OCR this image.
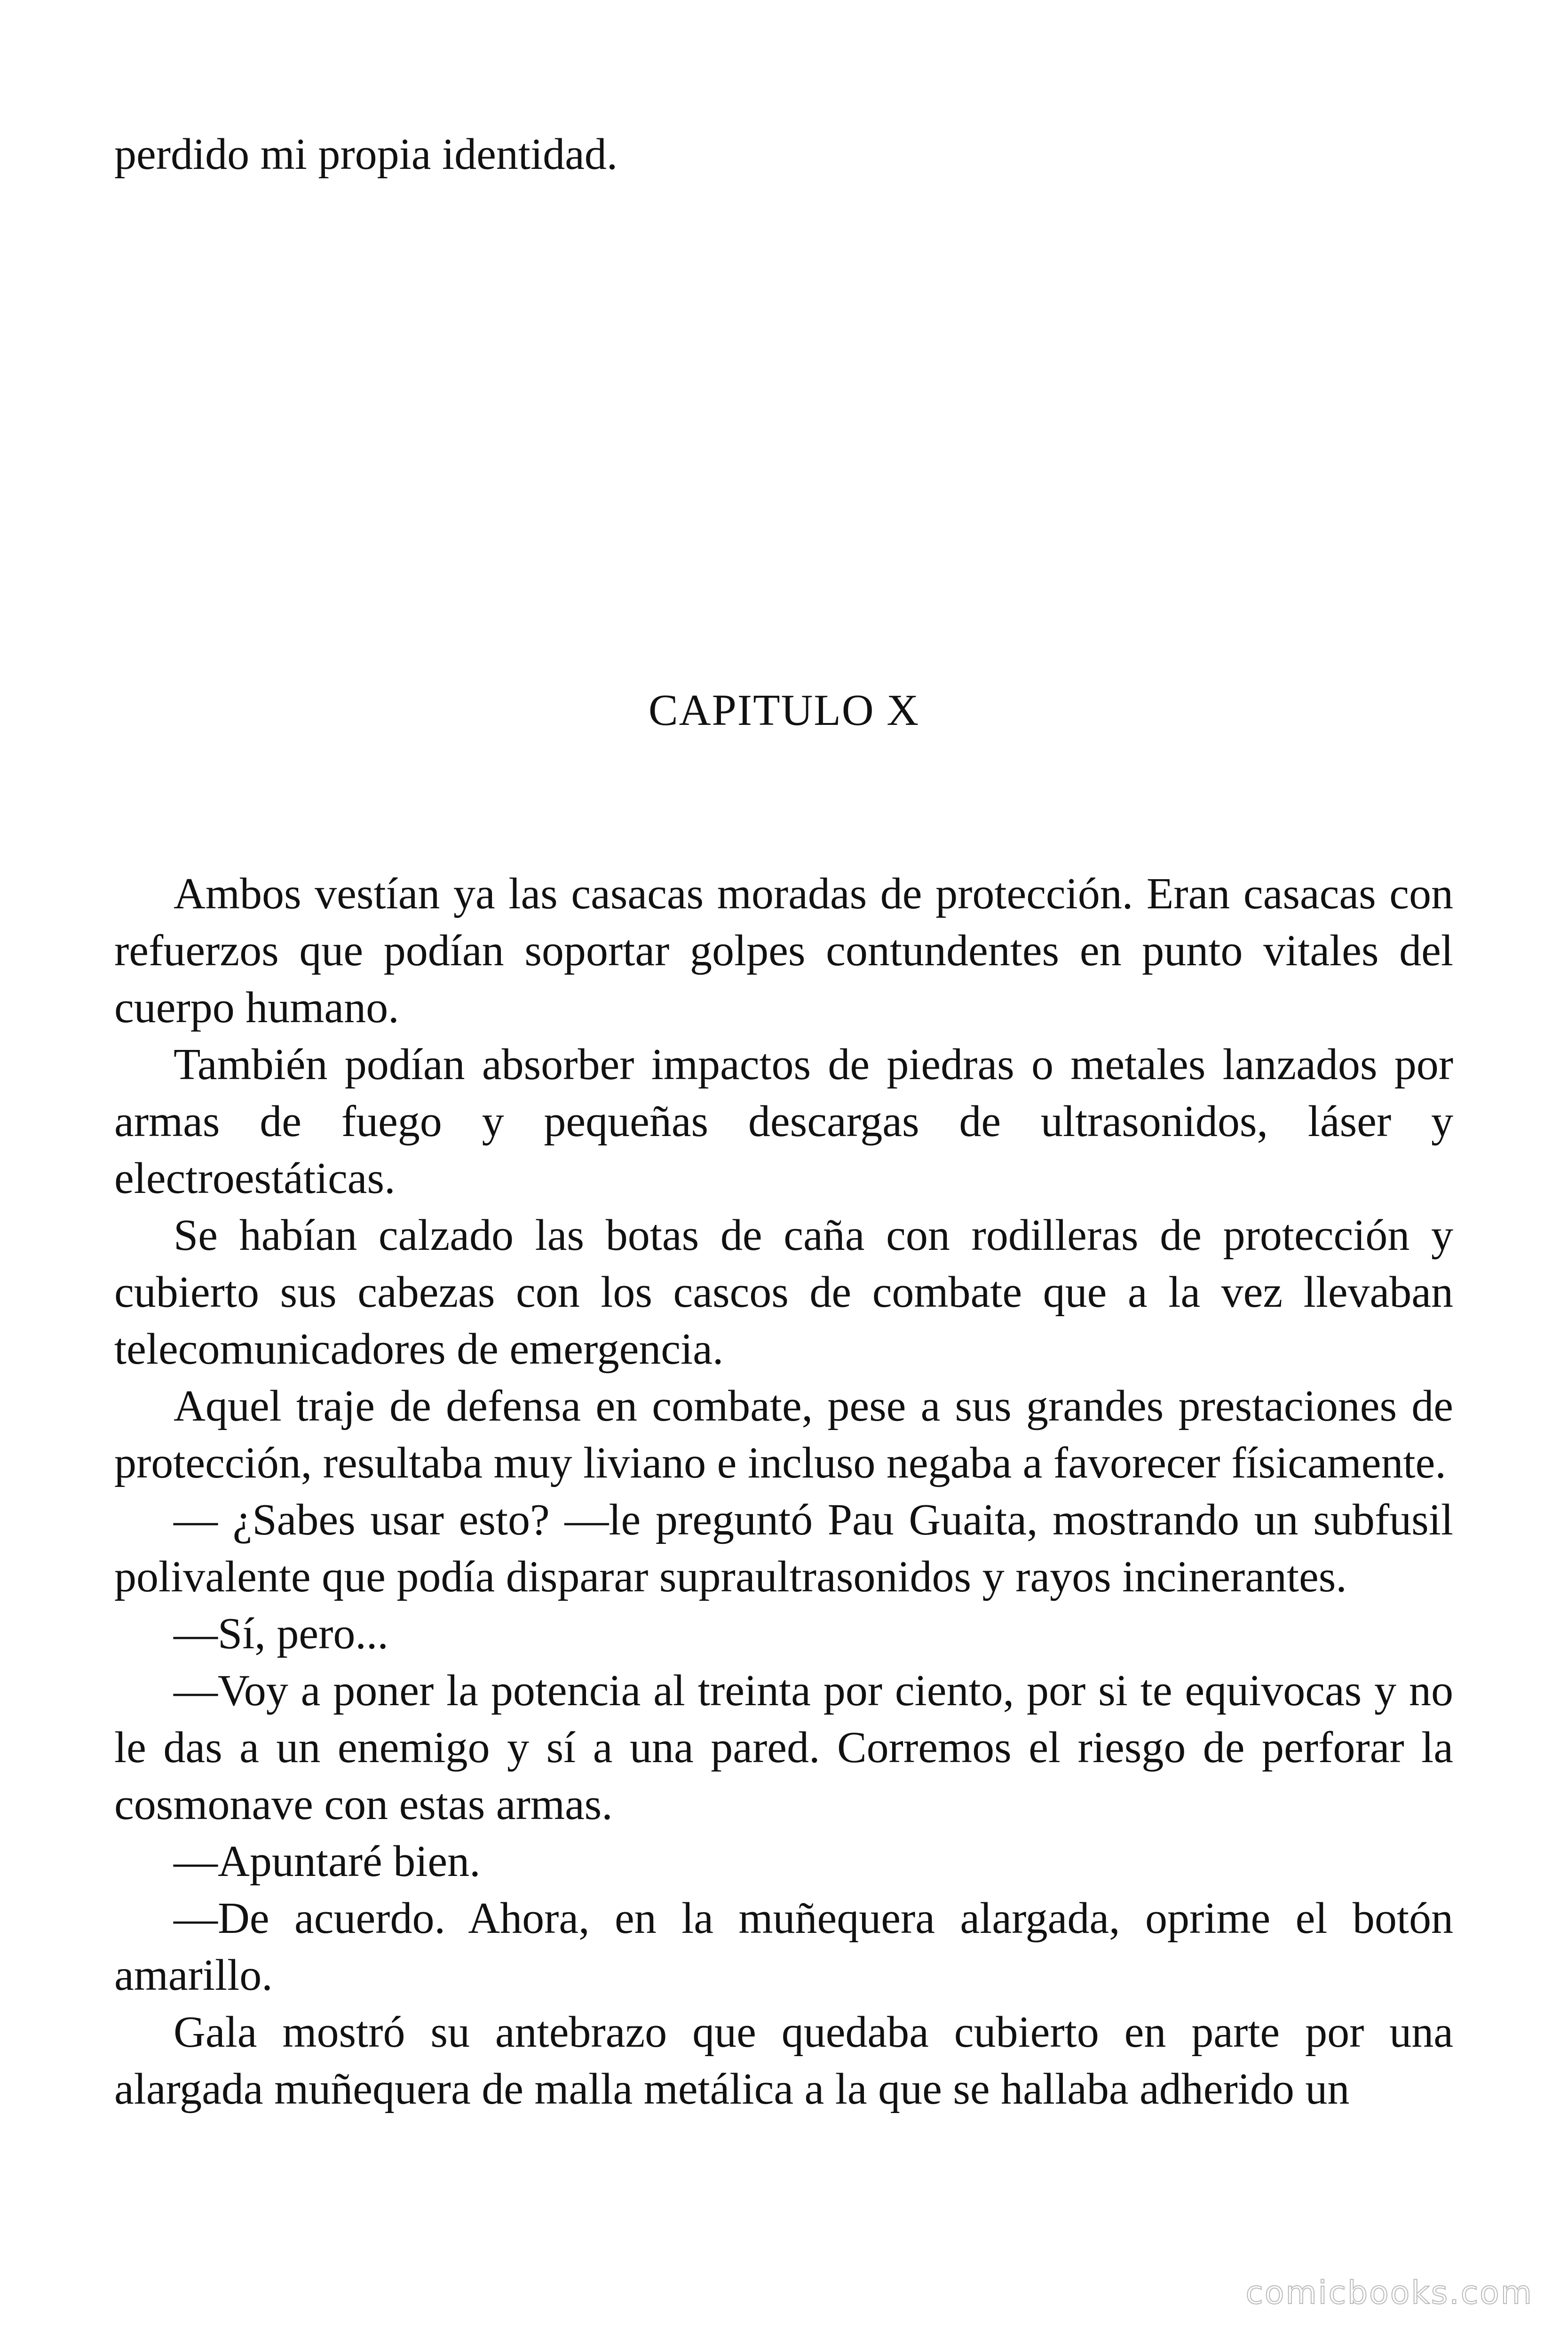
perdido mi propia identidad.

CAPITULO X

Ambos vestían ya las casacas moradas de protección. Eran casacas con refuerzos que podían soportar golpes contundentes en punto vitales del cuerpo humano.

También podían absorber impactos de piedras o metales lanzados por armas de fuego y pequeñas descargas de ultrasonidos, láser y electroestáticas.

Se habían calzado las botas de caña con rodilleras de protección y cubierto sus cabezas con los cascos de combate que a la vez llevaban telecomunicadores de emergencia.

Aquel traje de defensa en combate, pese a sus grandes prestaciones de protección, resultaba muy liviano e incluso negaba a favorecer físicamente.

— ¿Sabes usar esto? —le preguntó Pau Guaita, mostrando un subfusil polivalente que podía disparar supraultrasonidos y rayos incinerantes.

—Sí, pero...

—Voy a poner la potencia al treinta por ciento, por si te equivocas y no le das a un enemigo y sí a una pared. Corremos el riesgo de perforar la cosmonave con estas armas.

—Apuntaré bien.

—De acuerdo. Ahora, en la muñequera alargada, oprime el botón amarillo.

Gala mostró su antebrazo que quedaba cubierto en parte por una alargada muñequera de malla metálica a la que se hallaba adherido un

comicbooks.com
